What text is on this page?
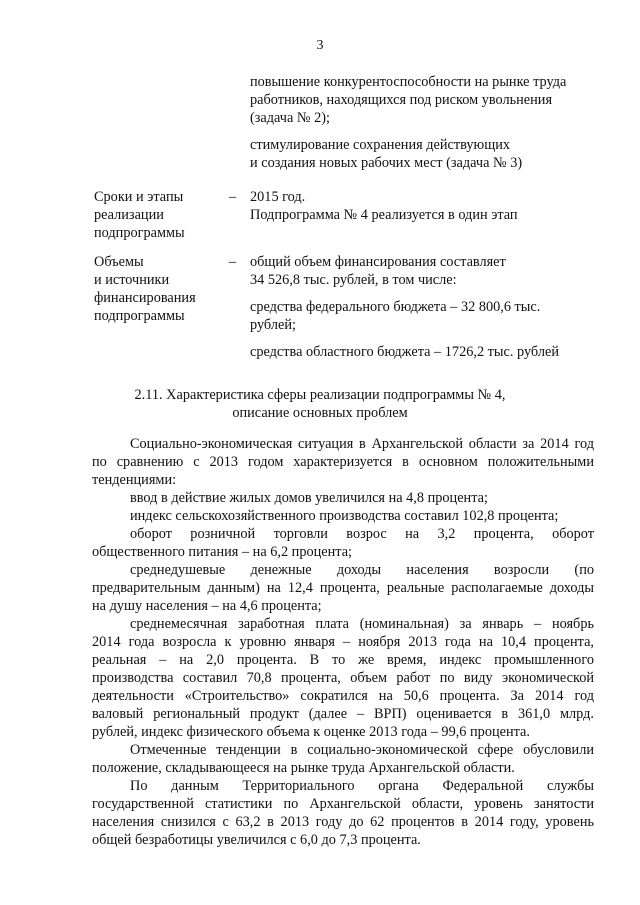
3
повышение конкурентоспособности на рынке труда
работников, находящихся под риском увольнения
(задача № 2);
стимулирование сохранения действующих
и создания новых рабочих мест (задача № 3)
Сроки и этапы
реализации
подпрограммы
– 2015 год.
Подпрограмма № 4 реализуется в один этап
Объемы
и источники
финансирования
подпрограммы
– общий объем финансирования составляет
34 526,8 тыс. рублей, в том числе:
средства федерального бюджета – 32 800,6 тыс.
рублей;
средства областного бюджета – 1726,2 тыс. рублей
2.11. Характеристика сферы реализации подпрограммы № 4,
описание основных проблем
Социально-экономическая ситуация в Архангельской области за 2014 год
по сравнению с 2013 годом характеризуется в основном положительными
тенденциями:
ввод в действие жилых домов увеличился на 4,8 процента;
индекс сельскохозяйственного производства составил 102,8 процента;
оборот розничной торговли возрос на 3,2 процента, оборот
общественного питания – на 6,2 процента;
среднедушевые денежные доходы населения возросли (по
предварительным данным) на 12,4 процента, реальные располагаемые доходы
на душу населения – на 4,6 процента;
среднемесячная заработная плата (номинальная) за январь – ноябрь
2014 года возросла к уровню января – ноября 2013 года на 10,4 процента,
реальная – на 2,0 процента. В то же время, индекс промышленного
производства составил 70,8 процента, объем работ по виду экономической
деятельности «Строительство» сократился на 50,6 процента. За 2014 год
валовый региональный продукт (далее – ВРП) оценивается в 361,0 млрд.
рублей, индекс физического объема к оценке 2013 года – 99,6 процента.
Отмеченные тенденции в социально-экономической сфере обусловили
положение, складывающееся на рынке труда Архангельской области.
По данным Территориального органа Федеральной службы
государственной статистики по Архангельской области, уровень занятости
населения снизился с 63,2 в 2013 году до 62 процентов в 2014 году, уровень
общей безработицы увеличился с 6,0 до 7,3 процента.
